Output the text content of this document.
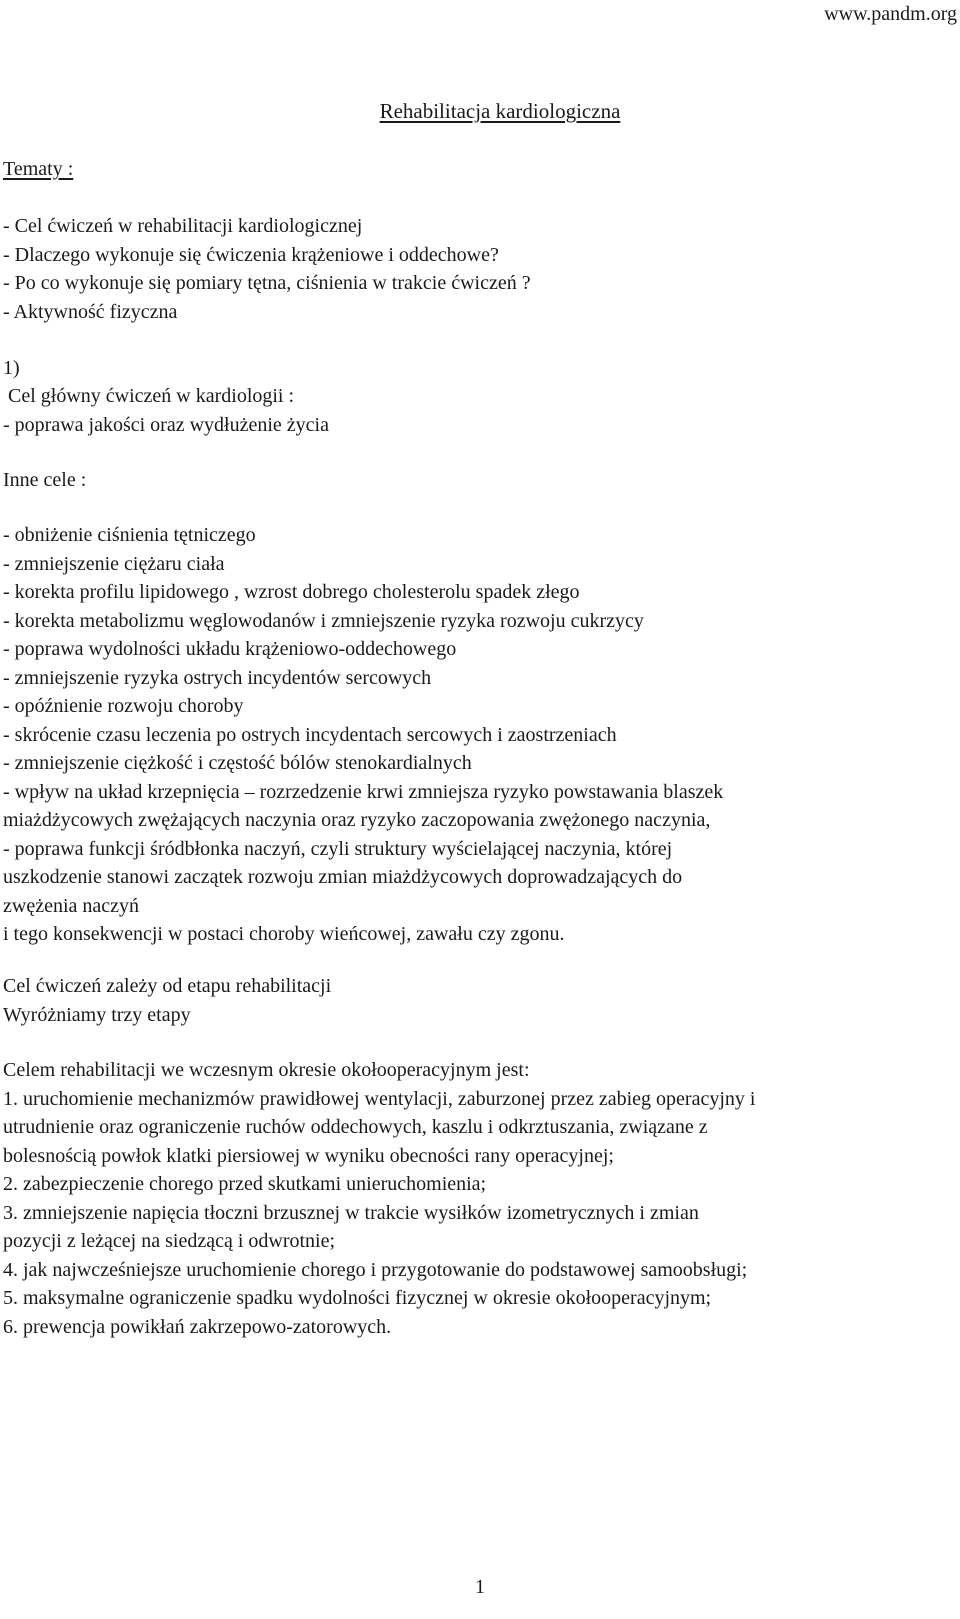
www.pandm.org
Rehabilitacja kardiologiczna
Tematy :
- Cel ćwiczeń w rehabilitacji kardiologicznej
- Dlaczego wykonuje się ćwiczenia krążeniowe i oddechowe?
- Po co wykonuje się pomiary tętna, ciśnienia w trakcie ćwiczeń ?
- Aktywność fizyczna
1)
Cel główny ćwiczeń w kardiologii :
- poprawa jakości oraz wydłużenie życia
Inne cele :
- obniżenie ciśnienia tętniczego
- zmniejszenie ciężaru ciała
- korekta profilu lipidowego , wzrost dobrego cholesterolu spadek złego
- korekta metabolizmu węglowodanów i zmniejszenie ryzyka rozwoju cukrzycy
- poprawa wydolności układu krążeniowo-oddechowego
- zmniejszenie ryzyka ostrych incydentów sercowych
- opóźnienie rozwoju choroby
- skrócenie czasu leczenia po ostrych incydentach sercowych i zaostrzeniach
- zmniejszenie ciężkość i częstość bólów stenokardialnych
- wpływ na układ krzepnięcia – rozrzedzenie krwi zmniejsza ryzyko powstawania blaszek
miażdżycowych zwężających naczynia oraz ryzyko zaczopowania zwężonego naczynia,
- poprawa funkcji śródbłonka naczyń, czyli struktury wyścielającej naczynia, której
uszkodzenie stanowi zaczątek rozwoju zmian miażdżycowych doprowadzających do
zwężenia naczyń
i tego konsekwencji w postaci choroby wieńcowej, zawału czy zgonu.
Cel ćwiczeń zależy od etapu rehabilitacji
Wyróżniamy trzy etapy
Celem rehabilitacji we wczesnym okresie okołooperacyjnym jest:
1. uruchomienie mechanizmów prawidłowej wentylacji, zaburzonej przez zabieg operacyjny i
utrudnienie oraz ograniczenie ruchów oddechowych, kaszlu i odkrztuszania, związane z
bolesnością powłok klatki piersiowej w wyniku obecności rany operacyjnej;
2. zabezpieczenie chorego przed skutkami unieruchomienia;
3. zmniejszenie napięcia tłoczni brzusznej w trakcie wysiłków izometrycznych i zmian
pozycji z leżącej na siedzącą i odwrotnie;
4. jak najwcześniejsze uruchomienie chorego i przygotowanie do podstawowej samoobsługi;
5. maksymalne ograniczenie spadku wydolności fizycznej w okresie okołooperacyjnym;
6. prewencja powikłań zakrzepowo-zatorowych.
1
